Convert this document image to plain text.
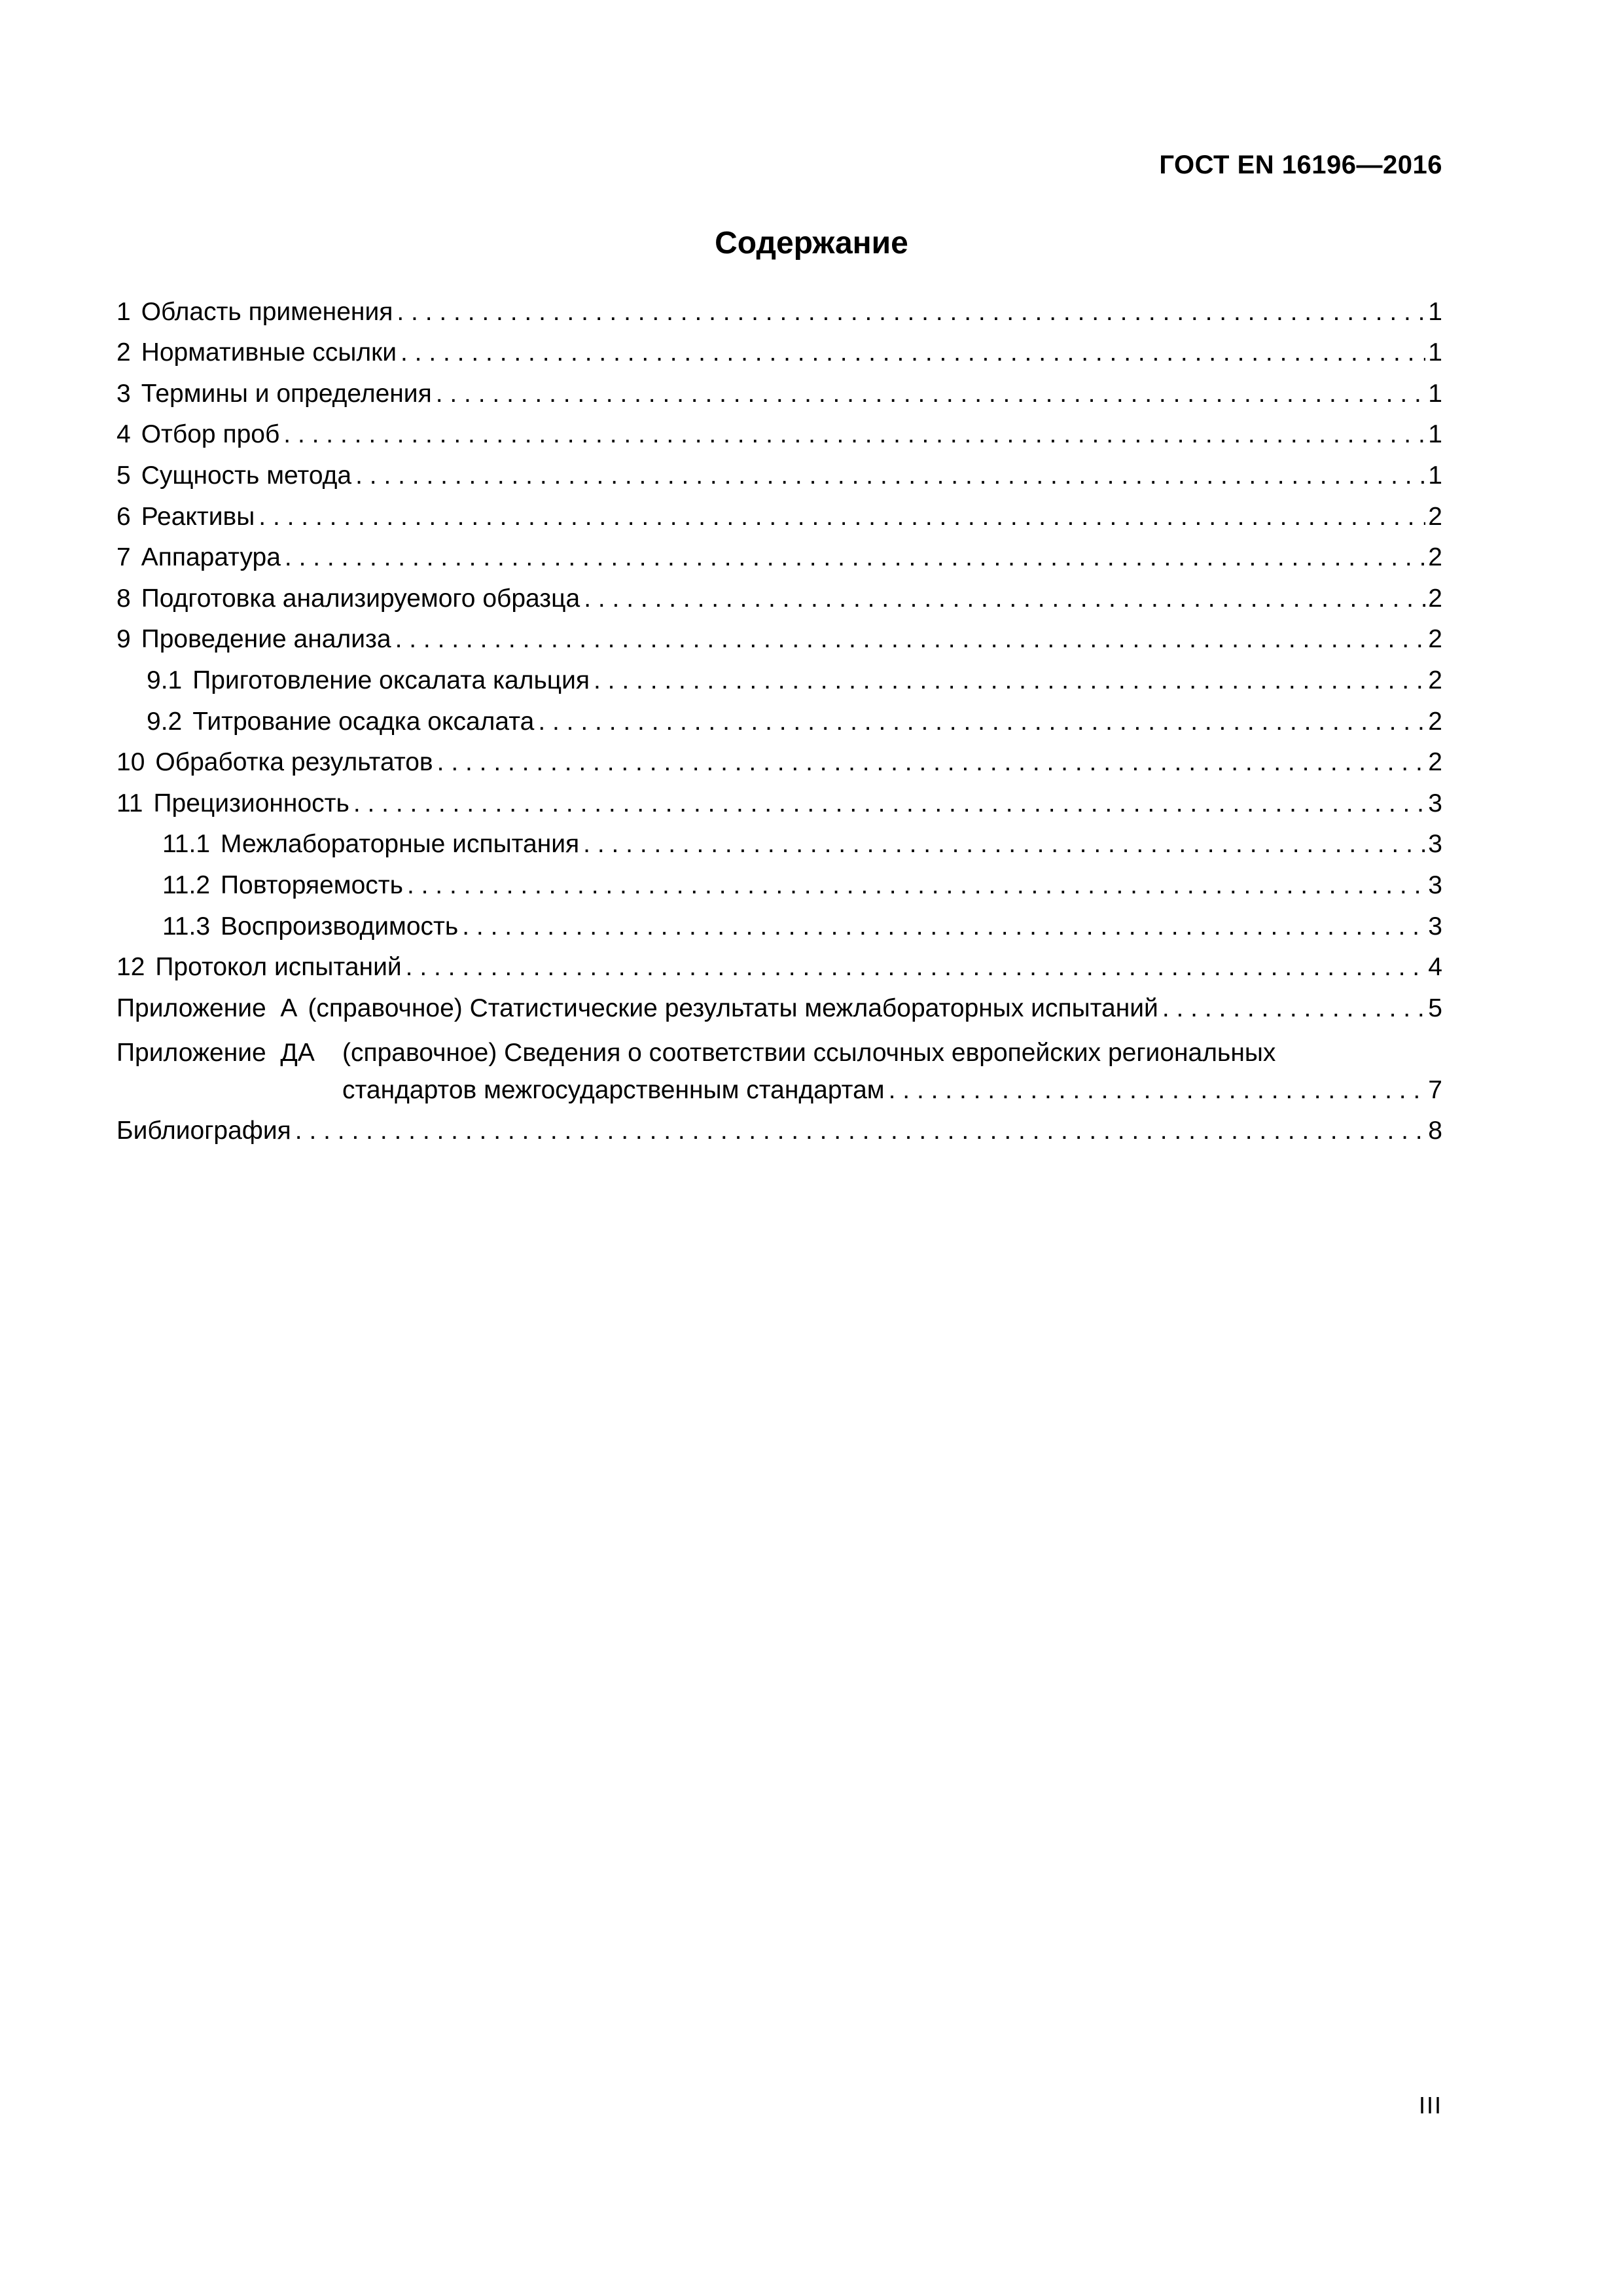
ГОСТ EN 16196—2016
Содержание
1 Область применения . . .	1
2 Нормативные ссылки . . .	1
3 Термины и определения . . .	1
4 Отбор проб . . .	1
5 Сущность метода . . .	1
6 Реактивы . . .	2
7 Аппаратура . . .	2
8 Подготовка анализируемого образца . . .	2
9 Проведение анализа . . .	2
9.1 Приготовление оксалата кальция . . .	2
9.2 Титрование осадка оксалата . . .	2
10 Обработка результатов . . .	2
11 Прецизионность . . .	3
11.1 Межлабораторные испытания . . .	3
11.2 Повторяемость . . .	3
11.3 Воспроизводимость . . .	3
12 Протокол испытаний . . .	4
Приложение  А (справочное) Статистические результаты межлабораторных испытаний . . .	5
Приложение  ДА (справочное) Сведения о соответствии ссылочных европейских региональных
стандартов межгосударственным стандартам . . .	7
Библиография . . .	8
III
